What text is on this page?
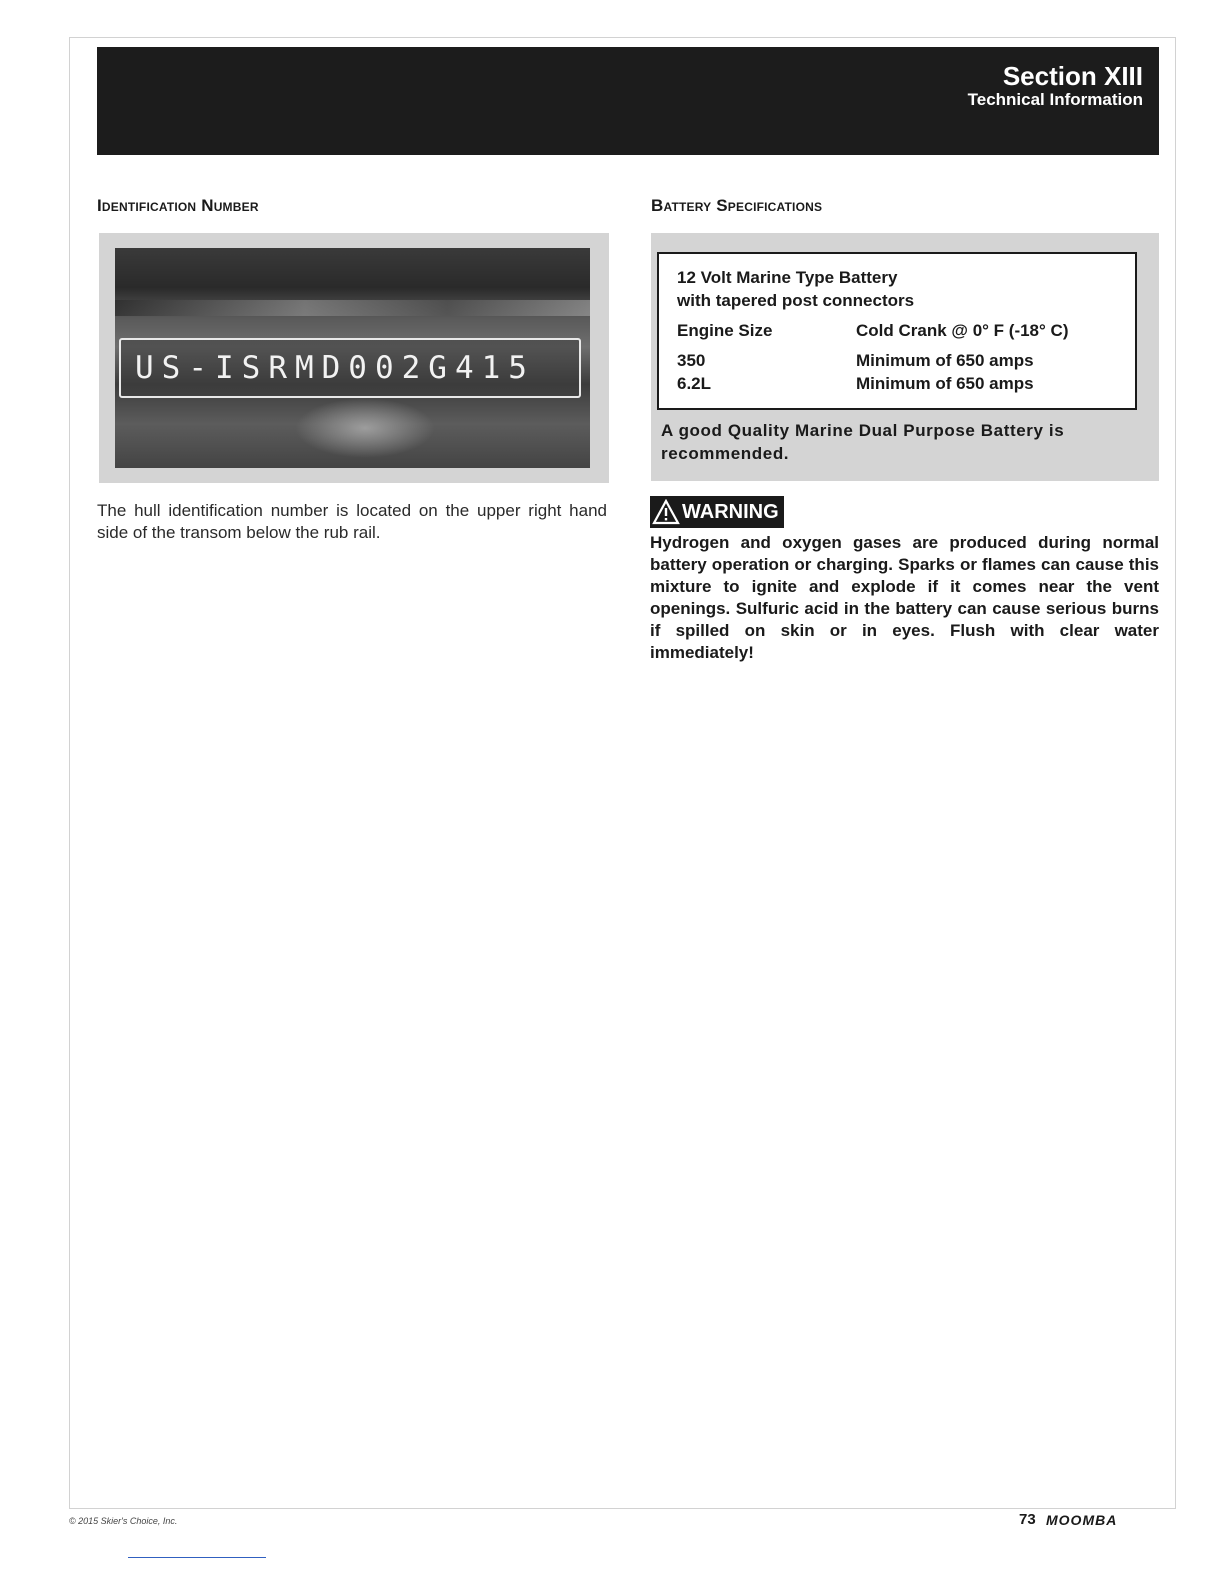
Section XIII
Technical Information
Identification Number
US-ISRMD002G415
The hull identification number is located on the upper right hand side of the transom below the rub rail.
Battery Specifications
12 Volt Marine Type Battery
with tapered post connectors
Engine Size	Cold Crank @ 0° F (-18° C)
350	Minimum of 650 amps
6.2L	Minimum of 650 amps
A good Quality Marine Dual Purpose Battery is recommended.
WARNING
Hydrogen and oxygen gases are produced during normal battery operation or charging. Sparks or flames can cause this mixture to ignite and explode if it comes near the vent openings. Sulfuric acid in the battery can cause serious burns if spilled on skin or in eyes. Flush with clear water immediately!
© 2015 Skier's Choice, Inc.	73 MOOMBA
